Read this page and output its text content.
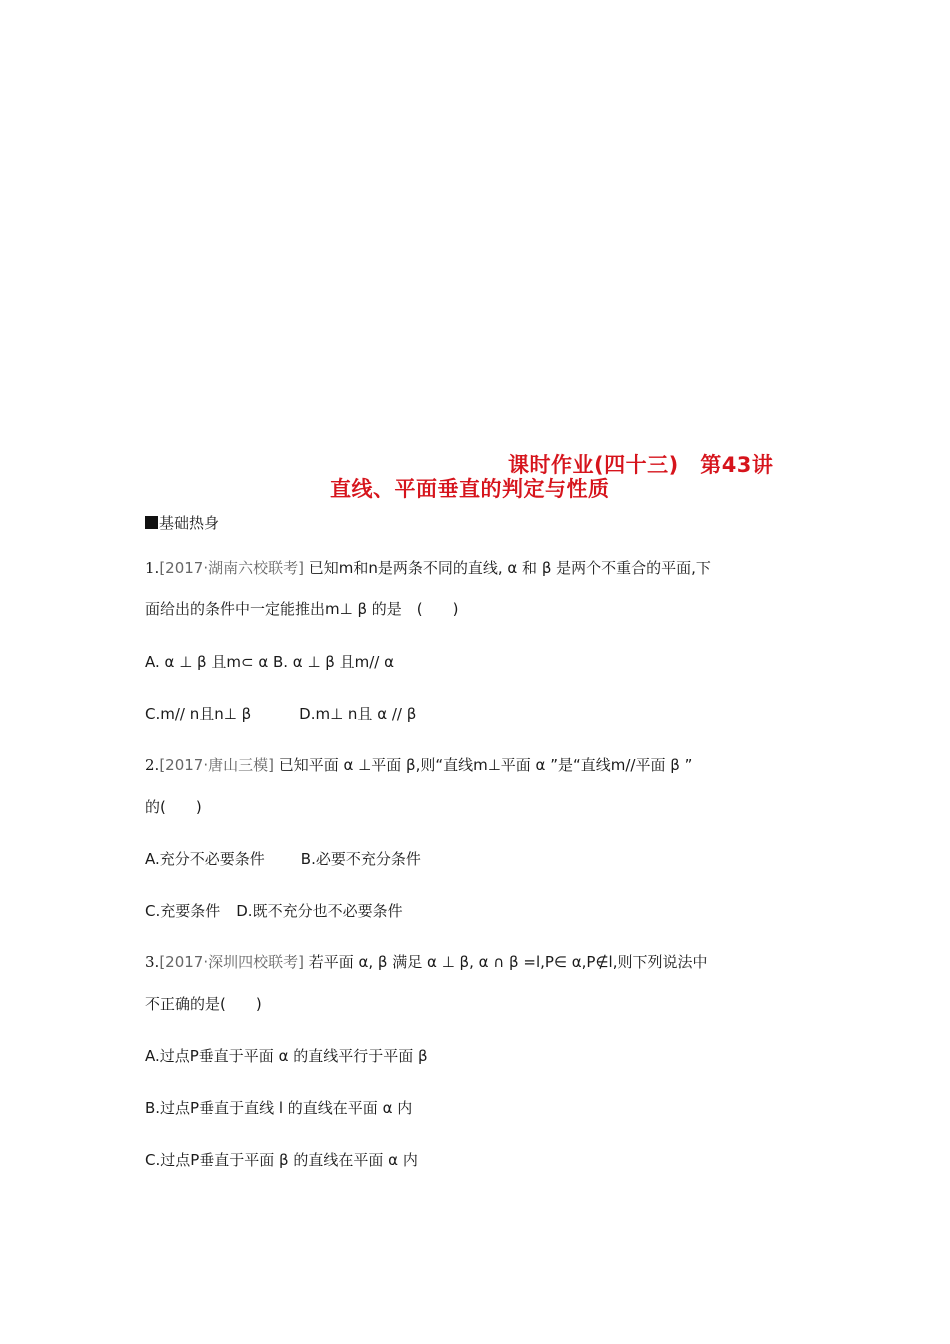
课时作业(四十三)　第43讲
直线、平面垂直的判定与性质
基础热身
1.[2017·湖南六校联考] 已知m和n是两条不同的直线, α 和 β 是两个不重合的平面,下
面给出的条件中一定能推出m⊥ β 的是　(　　)
A. α ⊥ β 且m⊂ α B. α ⊥ β 且m// α
C.m// n且n⊥ β	D.m⊥ n且 α // β
2.[2017·唐山三模] 已知平面 α ⊥平面 β,则“直线m⊥平面 α ”是“直线m//平面 β ”
的(　　)
A.充分不必要条件 B.必要不充分条件
C.充要条件 D.既不充分也不必要条件
3.[2017·深圳四校联考] 若平面 α, β 满足 α ⊥ β, α ∩ β =l,P∈ α,P∉l,则下列说法中
不正确的是(　　)
A.过点P垂直于平面 α 的直线平行于平面 β
B.过点P垂直于直线 l 的直线在平面 α 内
C.过点P垂直于平面 β 的直线在平面 α 内
